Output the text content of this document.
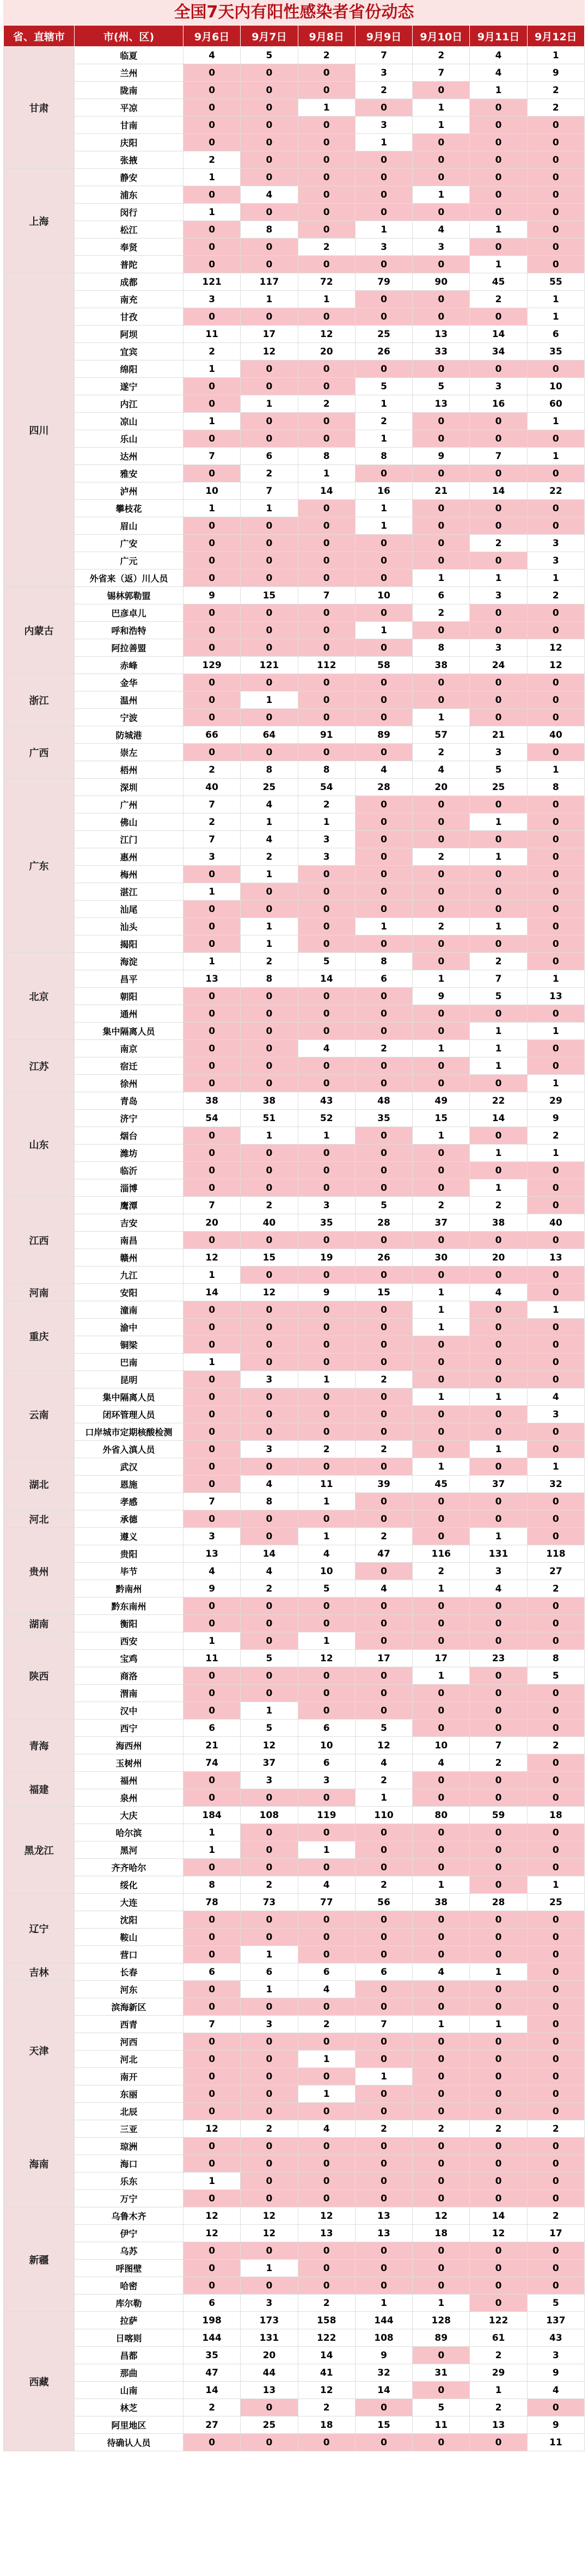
全国7天内有阳性感染者省份动态
省、直辖市	市(州、区)	9月6日	9月7日	9月8日	9月9日	9月10日	9月11日	9月12日
甘肃	临夏	4	5	2	7	2	4	1
	兰州	0	0	0	3	7	4	9
	陇南	0	0	0	2	0	1	2
	平凉	0	0	1	0	1	0	2
	甘南	0	0	0	3	1	0	0
	庆阳	0	0	0	1	0	0	0
	张掖	2	0	0	0	0	0	0
上海	静安	1	0	0	0	0	0	0
	浦东	0	4	0	0	1	0	0
	闵行	1	0	0	0	0	0	0
	松江	0	8	0	1	4	1	0
	奉贤	0	0	2	3	3	0	0
	普陀	0	0	0	0	0	1	0
四川	成都	121	117	72	79	90	45	55
	南充	3	1	1	0	0	2	1
	甘孜	0	0	0	0	0	0	1
	阿坝	11	17	12	25	13	14	6
	宜宾	2	12	20	26	33	34	35
	绵阳	1	0	0	0	0	0	0
	遂宁	0	0	0	5	5	3	10
	内江	0	1	2	1	13	16	60
	凉山	1	0	0	2	0	0	1
	乐山	0	0	0	1	0	0	0
	达州	7	6	8	8	9	7	1
	雅安	0	2	1	0	0	0	0
	泸州	10	7	14	16	21	14	22
	攀枝花	1	1	0	1	0	0	0
	眉山	0	0	0	1	0	0	0
	广安	0	0	0	0	0	2	3
	广元	0	0	0	0	0	0	3
	外省来（返）川人员	0	0	0	0	1	1	1
内蒙古	锡林郭勒盟	9	15	7	10	6	3	2
	巴彦卓儿	0	0	0	0	2	0	0
	呼和浩特	0	0	0	1	0	0	0
	阿拉善盟	0	0	0	0	8	3	12
	赤峰	129	121	112	58	38	24	12
浙江	金华	0	0	0	0	0	0	0
	温州	0	1	0	0	0	0	0
	宁波	0	0	0	0	1	0	0
广西	防城港	66	64	91	89	57	21	40
	崇左	0	0	0	0	2	3	0
	梧州	2	8	8	4	4	5	1
广东	深圳	40	25	54	28	20	25	8
	广州	7	4	2	0	0	0	0
	佛山	2	1	1	0	0	1	0
	江门	7	4	3	0	0	0	0
	惠州	3	2	3	0	2	1	0
	梅州	0	1	0	0	0	0	0
	湛江	1	0	0	0	0	0	0
	汕尾	0	0	0	0	0	0	0
	汕头	0	1	0	1	2	1	0
	揭阳	0	1	0	0	0	0	0
北京	海淀	1	2	5	8	0	2	0
	昌平	13	8	14	6	1	7	1
	朝阳	0	0	0	0	9	5	13
	通州	0	0	0	0	0	0	0
	集中隔离人员	0	0	0	0	0	1	1
江苏	南京	0	0	4	2	1	1	0
	宿迁	0	0	0	0	0	1	0
	徐州	0	0	0	0	0	0	1
山东	青岛	38	38	43	48	49	22	29
	济宁	54	51	52	35	15	14	9
	烟台	0	1	1	0	1	0	2
	潍坊	0	0	0	0	0	1	1
	临沂	0	0	0	0	0	0	0
	淄博	0	0	0	0	0	1	0
江西	鹰潭	7	2	3	5	2	2	0
	吉安	20	40	35	28	37	38	40
	南昌	0	0	0	0	0	0	0
	赣州	12	15	19	26	30	20	13
	九江	1	0	0	0	0	0	0
河南	安阳	14	12	9	15	1	4	0
重庆	潼南	0	0	0	0	1	0	1
	渝中	0	0	0	0	1	0	0
	铜梁	0	0	0	0	0	0	0
	巴南	1	0	0	0	0	0	0
云南	昆明	0	3	1	2	0	0	0
	集中隔离人员	0	0	0	0	1	1	4
	闭环管理人员	0	0	0	0	0	0	3
	口岸城市定期核酸检测	0	0	0	0	0	0	0
	外省入滇人员	0	3	2	2	0	1	0
湖北	武汉	0	0	0	0	1	0	1
	恩施	0	4	11	39	45	37	32
	孝感	7	8	1	0	0	0	0
河北	承德	0	0	0	0	0	0	0
贵州	遵义	3	0	1	2	0	1	0
	贵阳	13	14	4	47	116	131	118
	毕节	4	4	10	0	2	3	27
	黔南州	9	2	5	4	1	4	2
	黔东南州	0	0	0	0	0	0	0
湖南	衡阳	0	0	0	0	0	0	0
陕西	西安	1	0	1	0	0	0	0
	宝鸡	11	5	12	17	17	23	8
	商洛	0	0	0	0	1	0	5
	渭南	0	0	0	0	0	0	0
	汉中	0	1	0	0	0	0	0
青海	西宁	6	5	6	5	0	0	0
	海西州	21	12	10	12	10	7	2
	玉树州	74	37	6	4	4	2	0
福建	福州	0	3	3	2	0	0	0
	泉州	0	0	0	1	0	0	0
黑龙江	大庆	184	108	119	110	80	59	18
	哈尔滨	1	0	0	0	0	0	0
	黑河	1	0	1	0	0	0	0
	齐齐哈尔	0	0	0	0	0	0	0
	绥化	8	2	4	2	1	0	1
辽宁	大连	78	73	77	56	38	28	25
	沈阳	0	0	0	0	0	0	0
	鞍山	0	0	0	0	0	0	0
	营口	0	1	0	0	0	0	0
吉林	长春	6	6	6	6	4	1	0
天津	河东	0	1	4	0	0	0	0
	滨海新区	0	0	0	0	0	0	0
	西青	7	3	2	7	1	1	0
	河西	0	0	0	0	0	0	0
	河北	0	0	1	0	0	0	0
	南开	0	0	0	1	0	0	0
	东丽	0	0	1	0	0	0	0
	北辰	0	0	0	0	0	0	0
海南	三亚	12	2	4	2	2	2	2
	琼洲	0	0	0	0	0	0	0
	海口	0	0	0	0	0	0	0
	乐东	1	0	0	0	0	0	0
	万宁	0	0	0	0	0	0	0
新疆	乌鲁木齐	12	12	12	13	12	14	2
	伊宁	12	12	13	13	18	12	17
	乌苏	0	0	0	0	0	0	0
	呼图壁	0	1	0	0	0	0	0
	哈密	0	0	0	0	0	0	0
	库尔勒	6	3	2	1	1	0	5
西藏	拉萨	198	173	158	144	128	122	137
	日喀则	144	131	122	108	89	61	43
	昌都	35	20	14	9	0	2	3
	那曲	47	44	41	32	31	29	9
	山南	14	13	12	14	0	1	4
	林芝	2	0	2	0	5	2	0
	阿里地区	27	25	18	15	11	13	9
	待确认人员	0	0	0	0	0	0	11
